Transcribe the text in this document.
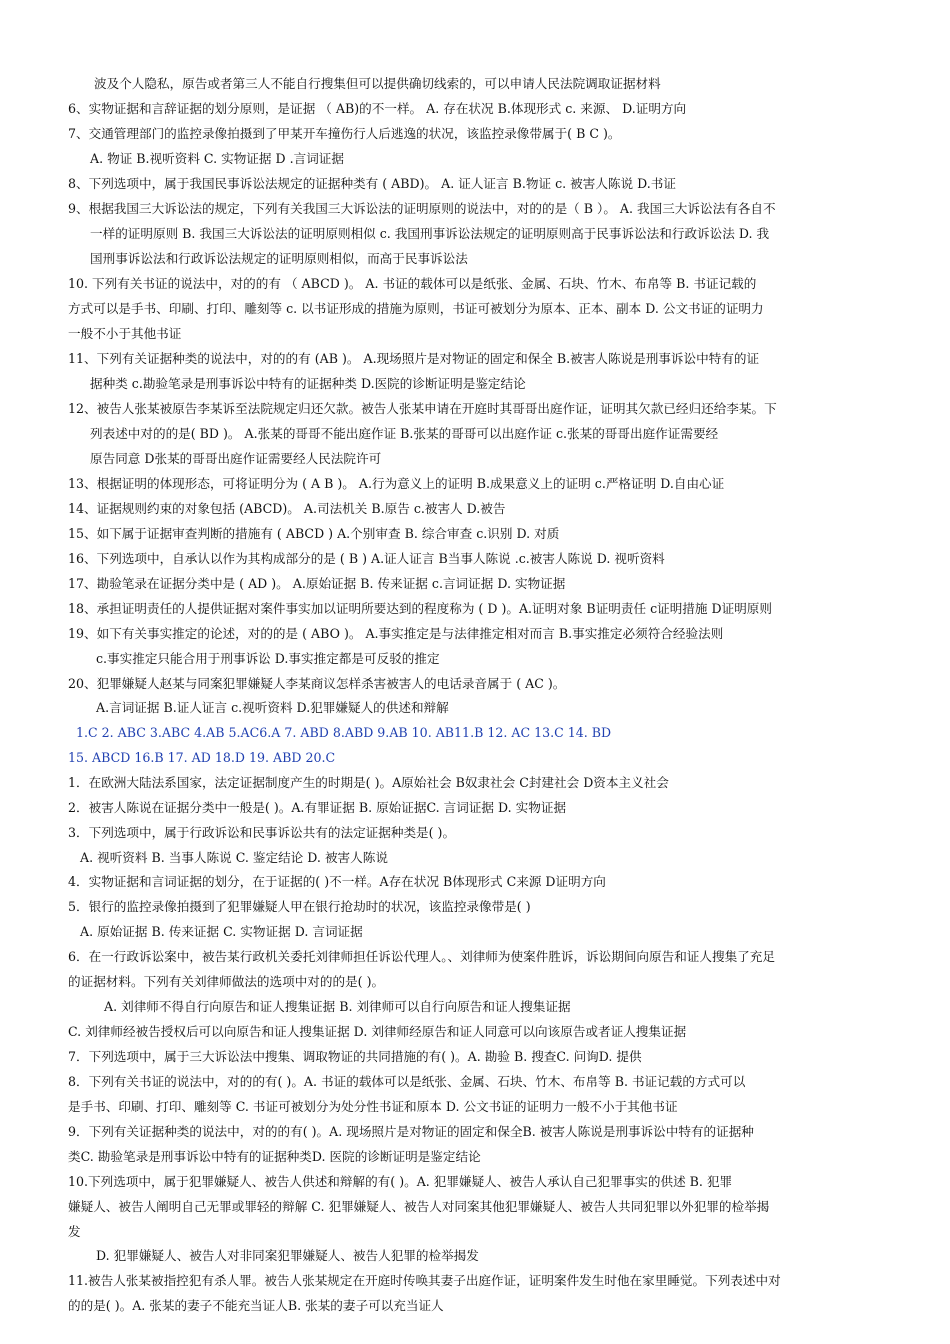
波及个人隐私，原告或者第三人不能自行搜集但可以提供确切线索的，可以申请人民法院调取证据材料
6、实物证据和言辞证据的划分原则，是证据 （ AB)的不一样。 A. 存在状况 B.体现形式 c. 来源、 D.证明方向
7、交通管理部门的监控录像拍摄到了甲某开车撞伤行人后逃逸的状况，该监控录像带属于( B C )。
A. 物证 B.视听资料 C. 实物证据 D .言词证据
8、下列选项中，属于我国民事诉讼法规定的证据种类有 ( ABD)。 A. 证人证言 B.物证 c. 被害人陈说 D.书证
9、根据我国三大诉讼法的规定，下列有关我国三大诉讼法的证明原则的说法中，对的的是（ B ）。 A. 我国三大诉讼法有各自不
一样的证明原则 B. 我国三大诉讼法的证明原则相似 c. 我国刑事诉讼法规定的证明原则高于民事诉讼法和行政诉讼法 D. 我
国刑事诉讼法和行政诉讼法规定的证明原则相似，而高于民事诉讼法
10. 下列有关书证的说法中，对的的有 （ ABCD )。 A. 书证的载体可以是纸张、金属、石块、竹木、布帛等 B. 书证记载的
方式可以是手书、印刷、打印、雕刻等 c. 以书证形成的措施为原则，书证可被划分为原本、正本、副本 D. 公文书证的证明力
一般不小于其他书证
11、下列有关证据种类的说法中，对的的有 (AB )。 A.现场照片是对物证的固定和保全 B.被害人陈说是刑事诉讼中特有的证
据种类 c.勘验笔录是刑事诉讼中特有的证据种类 D.医院的诊断证明是鉴定结论
12、被告人张某被原告李某诉至法院规定归还欠款。被告人张某申请在开庭时其哥哥出庭作证，证明其欠款已经归还给李某。下
列表述中对的的是( BD )。 A.张某的哥哥不能出庭作证 B.张某的哥哥可以出庭作证 c.张某的哥哥出庭作证需要经
原告同意 D张某的哥哥出庭作证需要经人民法院许可
13、根据证明的体现形态，可将证明分为 ( A B )。 A.行为意义上的证明 B.成果意义上的证明 c.严格证明 D.自由心证
14、证据规则约束的对象包括 (ABCD)。 A.司法机关 B.原告 c.被害人 D.被告
15、如下属于证据审查判断的措施有 ( ABCD ) A.个别审查 B. 综合审查 c.识别 D. 对质
16、下列选项中，自承认以作为其构成部分的是 ( B ) A.证人证言 B当事人陈说 .c.被害人陈说 D. 视听资料
17、勘验笔录在证据分类中是 ( AD )。 A.原始证据 B. 传来证据 c.言词证据 D. 实物证据
18、承担证明责任的人提供证据对案件事实加以证明所要达到的程度称为 ( D )。A.证明对象 B证明责任 c证明措施 D证明原则
19、如下有关事实推定的论述，对的的是 ( ABO )。 A.事实推定是与法律推定相对而言 B.事实推定必须符合经验法则
c.事实推定只能合用于刑事诉讼 D.事实推定都是可反驳的推定
20、犯罪嫌疑人赵某与同案犯罪嫌疑人李某商议怎样杀害被害人的电话录音属于 ( AC )。
A.言词证据 B.证人证言 c.视听资料 D.犯罪嫌疑人的供述和辩解
1.C 2. ABC 3.ABC 4.AB 5.AC6.A 7. ABD 8.ABD 9.AB 10. AB11.B 12. AC 13.C 14. BD
15. ABCD 16.B 17. AD 18.D 19. ABD 20.C
1．在欧洲大陆法系国家，法定证据制度产生的时期是( )。A原始社会 B奴隶社会 C封建社会 D资本主义社会
2．被害人陈说在证据分类中一般是( )。A.有罪证据 B. 原始证据C. 言词证据 D. 实物证据
3．下列选项中，属于行政诉讼和民事诉讼共有的法定证据种类是( )。
A. 视听资料 B. 当事人陈说 C. 鉴定结论 D. 被害人陈说
4．实物证据和言词证据的划分，在于证据的( )不一样。A存在状况 B体现形式 C来源 D证明方向
5．银行的监控录像拍摄到了犯罪嫌疑人甲在银行抢劫时的状况，该监控录像带是( )
A. 原始证据 B. 传来证据 C. 实物证据 D. 言词证据
6．在一行政诉讼案中，被告某行政机关委托刘律师担任诉讼代理人。、刘律师为使案件胜诉，诉讼期间向原告和证人搜集了充足
的证据材料。下列有关刘律师做法的选项中对的的是( )。
A. 刘律师不得自行向原告和证人搜集证据 B. 刘律师可以自行向原告和证人搜集证据
C. 刘律师经被告授权后可以向原告和证人搜集证据 D. 刘律师经原告和证人同意可以向该原告或者证人搜集证据
7．下列选项中，属于三大诉讼法中搜集、调取物证的共同措施的有( )。A. 勘验 B. 搜查C. 问询D. 提供
8．下列有关书证的说法中，对的的有( )。A. 书证的载体可以是纸张、金属、石块、竹木、布帛等 B. 书证记载的方式可以
是手书、印刷、打印、雕刻等 C. 书证可被划分为处分性书证和原本 D. 公文书证的证明力一般不小于其他书证
9．下列有关证据种类的说法中，对的的有( )。A. 现场照片是对物证的固定和保全B. 被害人陈说是刑事诉讼中特有的证据种
类C. 勘验笔录是刑事诉讼中特有的证据种类D. 医院的诊断证明是鉴定结论
10.下列选项中，属于犯罪嫌疑人、被告人供述和辩解的有( )。A. 犯罪嫌疑人、被告人承认自己犯罪事实的供述 B. 犯罪
嫌疑人、被告人阐明自己无罪或罪轻的辩解 C. 犯罪嫌疑人、被告人对同案其他犯罪嫌疑人、被告人共同犯罪以外犯罪的检举揭
发
D. 犯罪嫌疑人、被告人对非同案犯罪嫌疑人、被告人犯罪的检举揭发
11.被告人张某被指控犯有杀人罪。被告人张某规定在开庭时传唤其妻子出庭作证，证明案件发生时他在家里睡觉。下列表述中对
的的是( )。A. 张某的妻子不能充当证人B. 张某的妻子可以充当证人
